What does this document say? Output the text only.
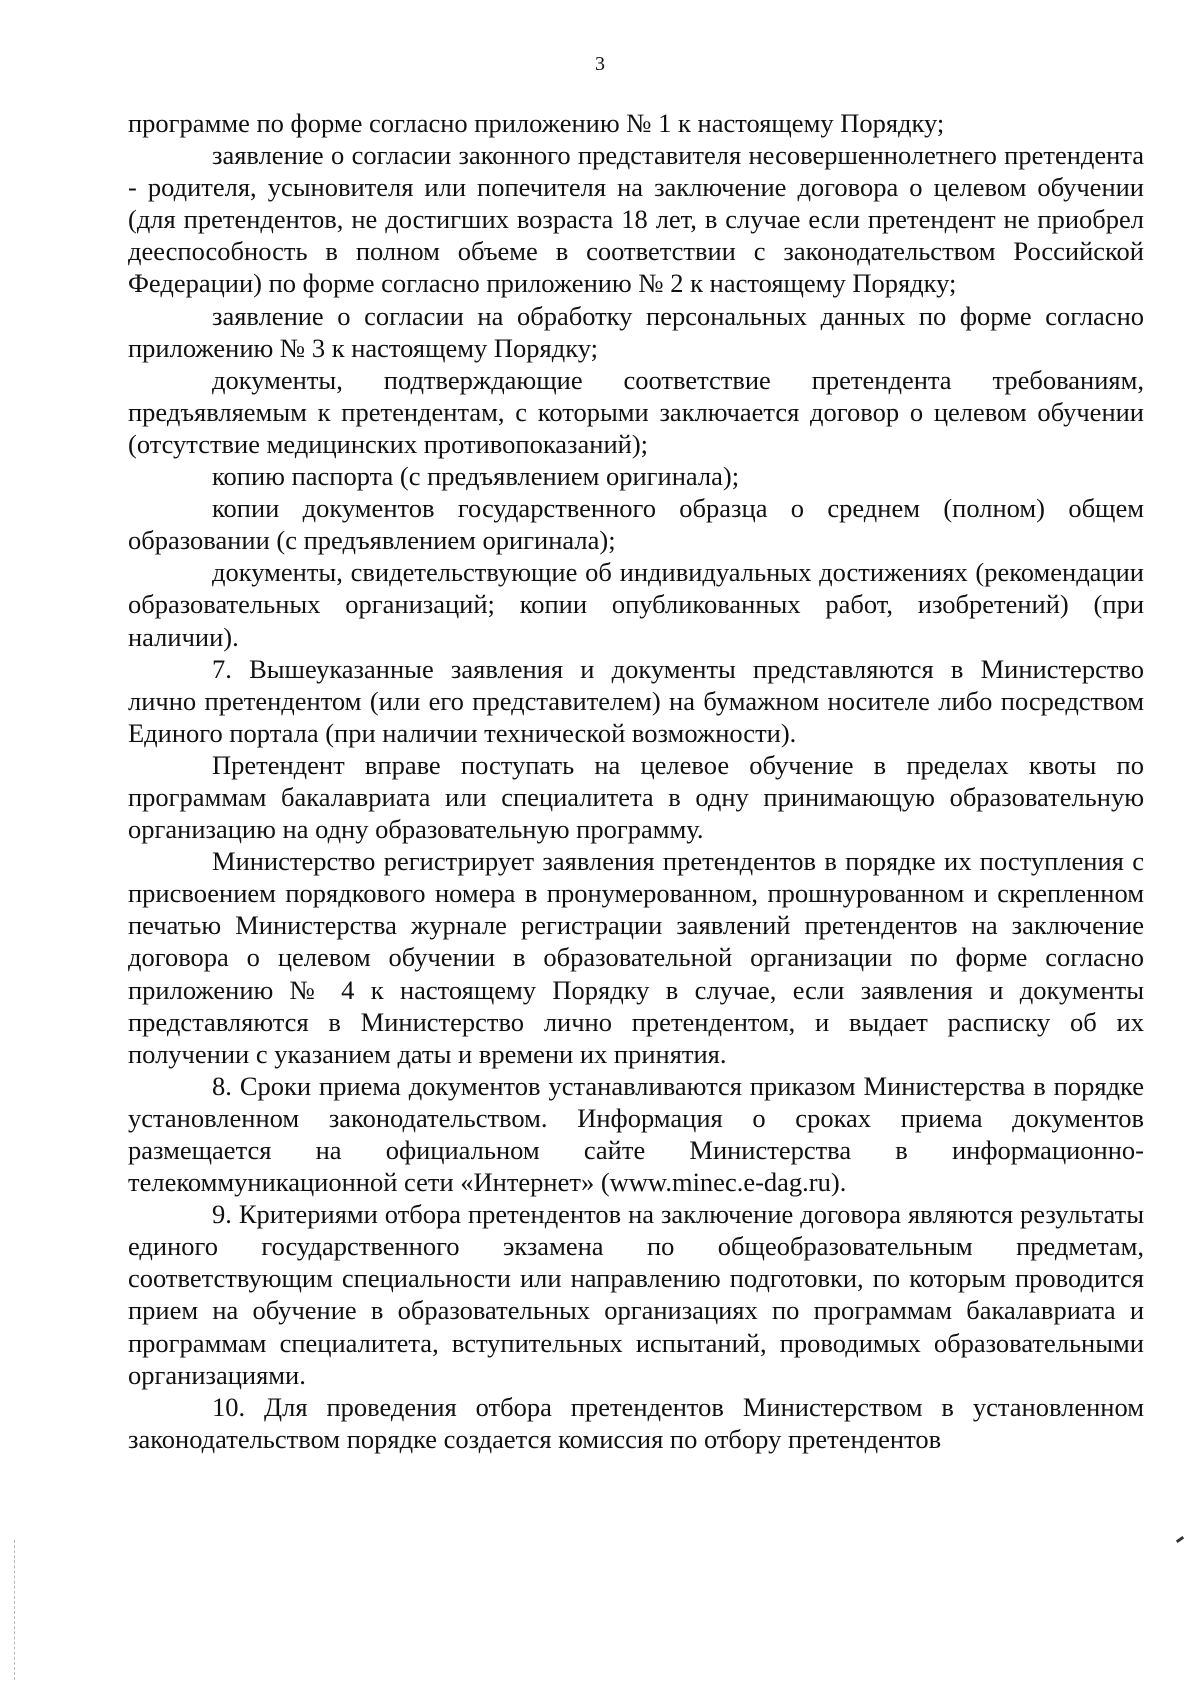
3

программе по форме согласно приложению № 1 к настоящему Порядку;

заявление о согласии законного представителя несовершеннолетнего претендента - родителя, усыновителя или попечителя на заключение договора о целевом обучении (для претендентов, не достигших возраста 18 лет, в случае если претендент не приобрел дееспособность в полном объеме в соответствии с законодательством Российской Федерации) по форме согласно приложению № 2 к настоящему Порядку;

заявление о согласии на обработку персональных данных по форме согласно приложению № 3 к настоящему Порядку;

документы, подтверждающие соответствие претендента требованиям, предъявляемым к претендентам, с которыми заключается договор о целевом обучении (отсутствие медицинских противопоказаний);

копию паспорта (с предъявлением оригинала);

копии документов государственного образца о среднем (полном) общем образовании (с предъявлением оригинала);

документы, свидетельствующие об индивидуальных достижениях (рекомендации образовательных организаций; копии опубликованных работ, изобретений) (при наличии).

7. Вышеуказанные заявления и документы представляются в Министерство лично претендентом (или его представителем) на бумажном носителе либо посредством Единого портала (при наличии технической возможности).

Претендент вправе поступать на целевое обучение в пределах квоты по программам бакалавриата или специалитета в одну принимающую образовательную организацию на одну образовательную программу.

Министерство регистрирует заявления претендентов в порядке их поступления с присвоением порядкового номера в пронумерованном, прошнурованном и скрепленном печатью Министерства журнале регистрации заявлений претендентов на заключение договора о целевом обучении в образовательной организации по форме согласно приложению № 4 к настоящему Порядку в случае, если заявления и документы представляются в Министерство лично претендентом, и выдает расписку об их получении с указанием даты и времени их принятия.

8. Сроки приема документов устанавливаются приказом Министерства в порядке установленном законодательством. Информация о сроках приема документов размещается на официальном сайте Министерства в информационно-телекоммуникационной сети «Интернет» (www.minec.e-dag.ru).

9. Критериями отбора претендентов на заключение договора являются результаты единого государственного экзамена по общеобразовательным предметам, соответствующим специальности или направлению подготовки, по которым проводится прием на обучение в образовательных организациях по программам бакалавриата и программам специалитета, вступительных испытаний, проводимых образовательными организациями.

10. Для проведения отбора претендентов Министерством в установленном законодательством порядке создается комиссия по отбору претендентов
